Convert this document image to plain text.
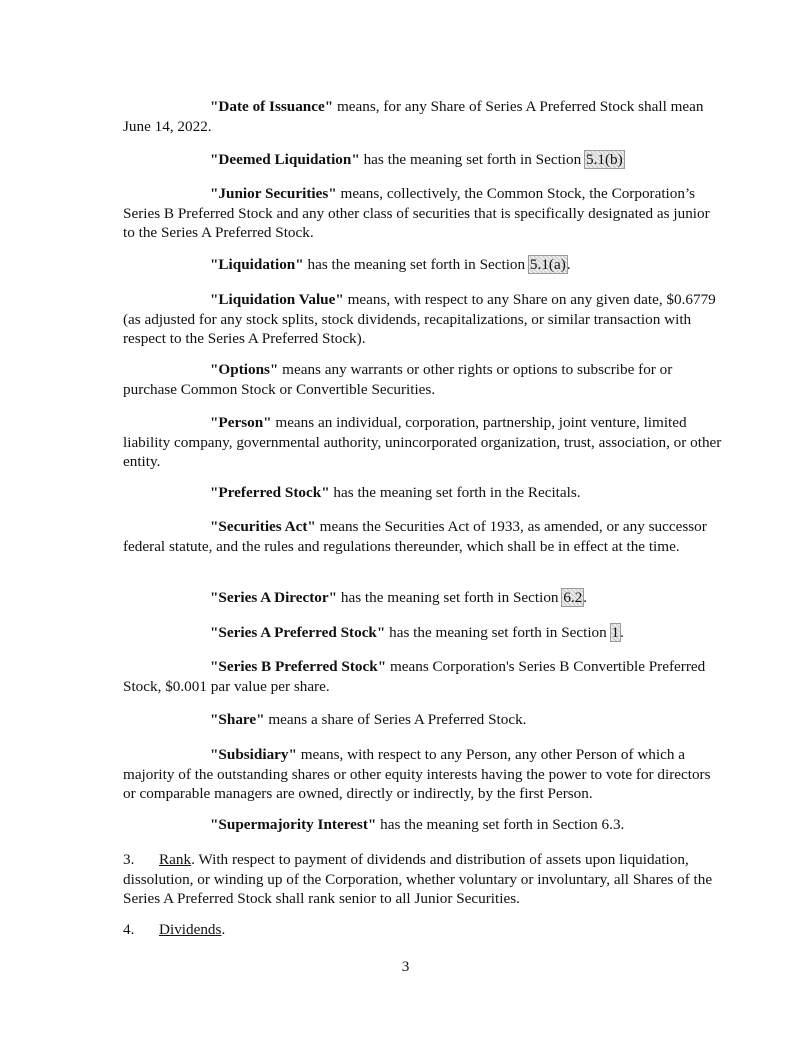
"Date of Issuance" means, for any Share of Series A Preferred Stock shall mean June 14, 2022.

"Deemed Liquidation" has the meaning set forth in Section 5.1(b)

"Junior Securities" means, collectively, the Common Stock, the Corporation’s Series B Preferred Stock and any other class of securities that is specifically designated as junior to the Series A Preferred Stock.

"Liquidation" has the meaning set forth in Section 5.1(a).

"Liquidation Value" means, with respect to any Share on any given date, $0.6779 (as adjusted for any stock splits, stock dividends, recapitalizations, or similar transaction with respect to the Series A Preferred Stock).

"Options" means any warrants or other rights or options to subscribe for or purchase Common Stock or Convertible Securities.

"Person" means an individual, corporation, partnership, joint venture, limited liability company, governmental authority, unincorporated organization, trust, association, or other entity.

"Preferred Stock" has the meaning set forth in the Recitals.

"Securities Act" means the Securities Act of 1933, as amended, or any successor federal statute, and the rules and regulations thereunder, which shall be in effect at the time.

"Series A Director" has the meaning set forth in Section 6.2.

"Series A Preferred Stock" has the meaning set forth in Section 1.

"Series B Preferred Stock" means Corporation's Series B Convertible Preferred Stock, $0.001 par value per share.

"Share" means a share of Series A Preferred Stock.

"Subsidiary" means, with respect to any Person, any other Person of which a majority of the outstanding shares or other equity interests having the power to vote for directors or comparable managers are owned, directly or indirectly, by the first Person.

"Supermajority Interest" has the meaning set forth in Section 6.3.

3. Rank. With respect to payment of dividends and distribution of assets upon liquidation, dissolution, or winding up of the Corporation, whether voluntary or involuntary, all Shares of the Series A Preferred Stock shall rank senior to all Junior Securities.

4. Dividends.

3
